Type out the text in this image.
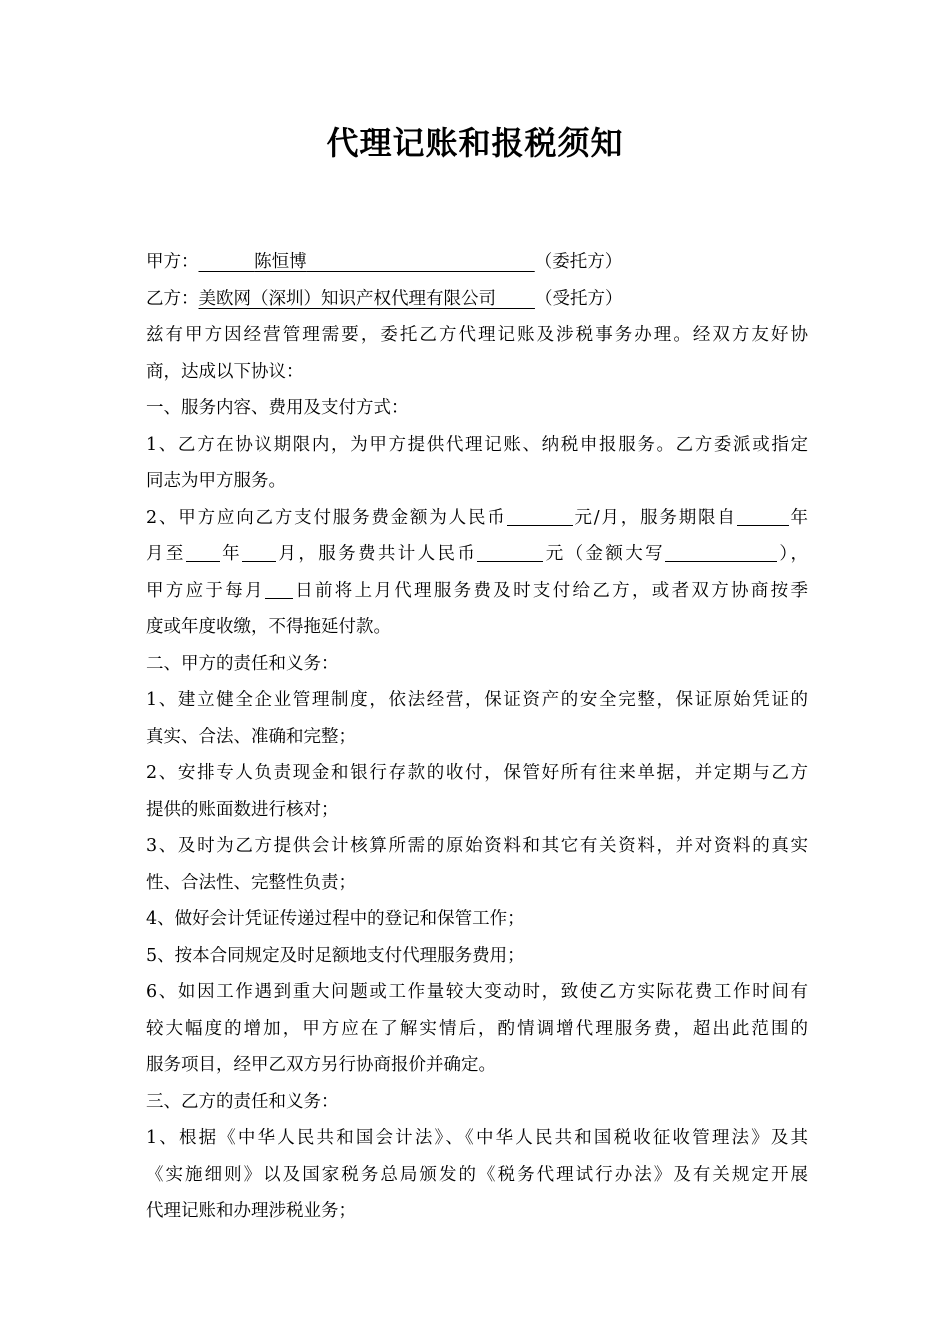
代理记账和报税须知
甲方：	陈恒博	（委托方）
乙方：美欧网（深圳）知识产权代理有限公司 （受托方）
兹有甲方因经营管理需要，委托乙方代理记账及涉税事务办理。经双方友好协
商，达成以下协议：
一、服务内容、费用及支付方式：
1、乙方在协议期限内，为甲方提供代理记账、纳税申报服务。乙方委派或指定
同志为甲方服务。
2、甲方应向乙方支付服务费金额为人民币	元/月，服务期限自	年
月至 年 月，服务费共计人民币	元（金额大写	），
甲方应于每月 日前将上月代理服务费及时支付给乙方，或者双方协商按季
度或年度收缴，不得拖延付款。
二、甲方的责任和义务：
1、建立健全企业管理制度，依法经营，保证资产的安全完整，保证原始凭证的
真实、合法、准确和完整；
2、安排专人负责现金和银行存款的收付，保管好所有往来单据，并定期与乙方
提供的账面数进行核对；
3、及时为乙方提供会计核算所需的原始资料和其它有关资料，并对资料的真实
性、合法性、完整性负责；
4、做好会计凭证传递过程中的登记和保管工作；
5、按本合同规定及时足额地支付代理服务费用；
6、如因工作遇到重大问题或工作量较大变动时，致使乙方实际花费工作时间有
较大幅度的增加，甲方应在了解实情后，酌情调增代理服务费，超出此范围的
服务项目，经甲乙双方另行协商报价并确定。
三、乙方的责任和义务：
1、根据《中华人民共和国会计法》、《中华人民共和国税收征收管理法》及其
《实施细则》以及国家税务总局颁发的《税务代理试行办法》及有关规定开展
代理记账和办理涉税业务；
